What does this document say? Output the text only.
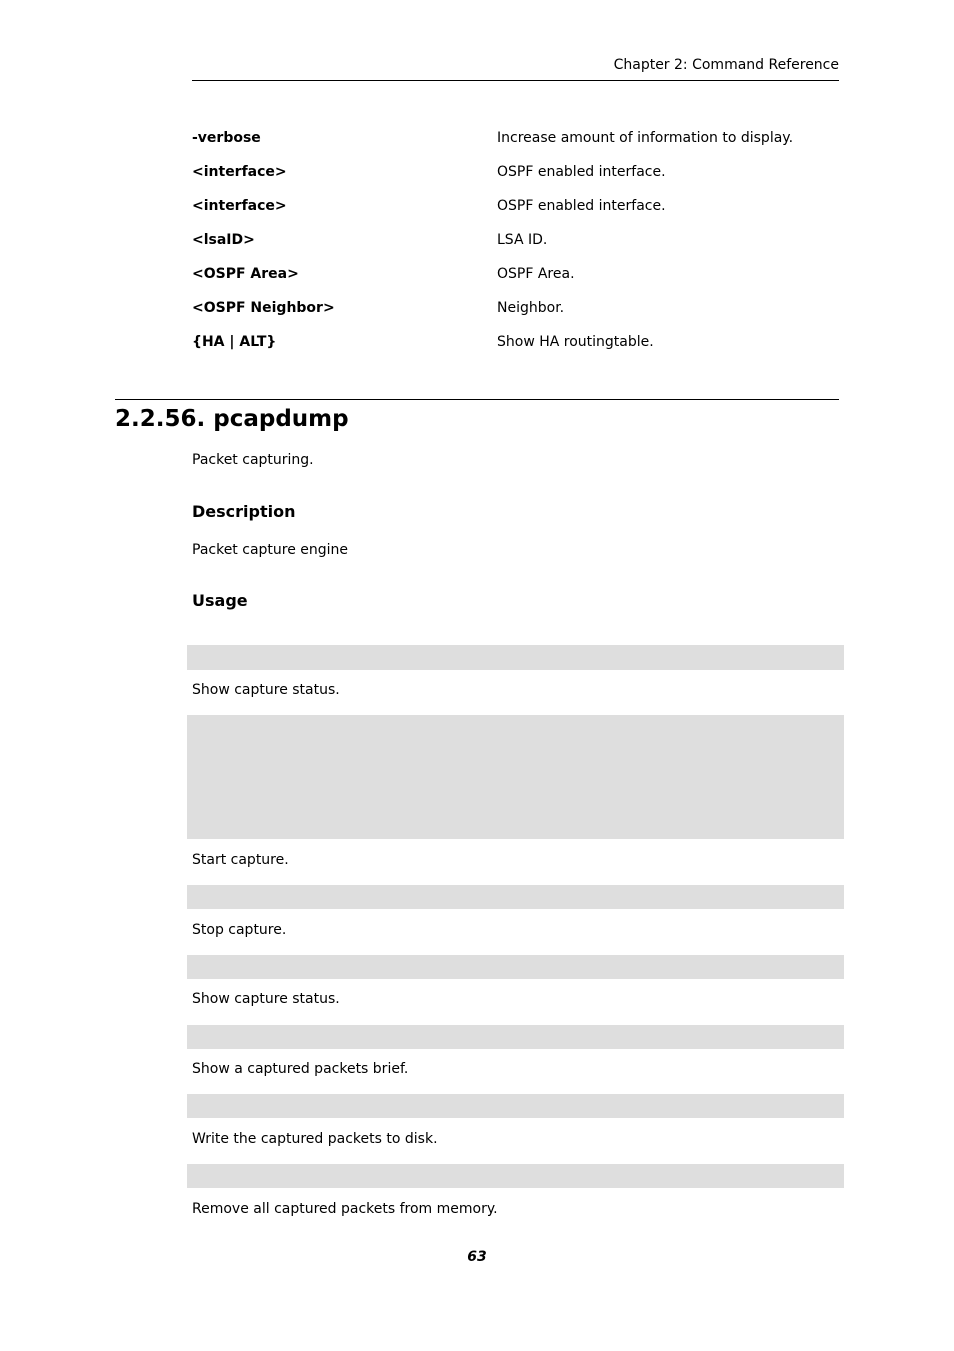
Chapter 2: Command Reference
-verbose	Increase amount of information to display.
<interface>	OSPF enabled interface.
<interface>	OSPF enabled interface.
<lsaID>	LSA ID.
<OSPF Area>	OSPF Area.
<OSPF Neighbor>	Neighbor.
{HA | ALT}	Show HA routingtable.
2.2.56. pcapdump

Packet capturing.

Description

Packet capture engine

Usage
Show capture status.
Start capture.
Stop capture.
Show capture status.
Show a captured packets brief.
Write the captured packets to disk.
Remove all captured packets from memory.
63
